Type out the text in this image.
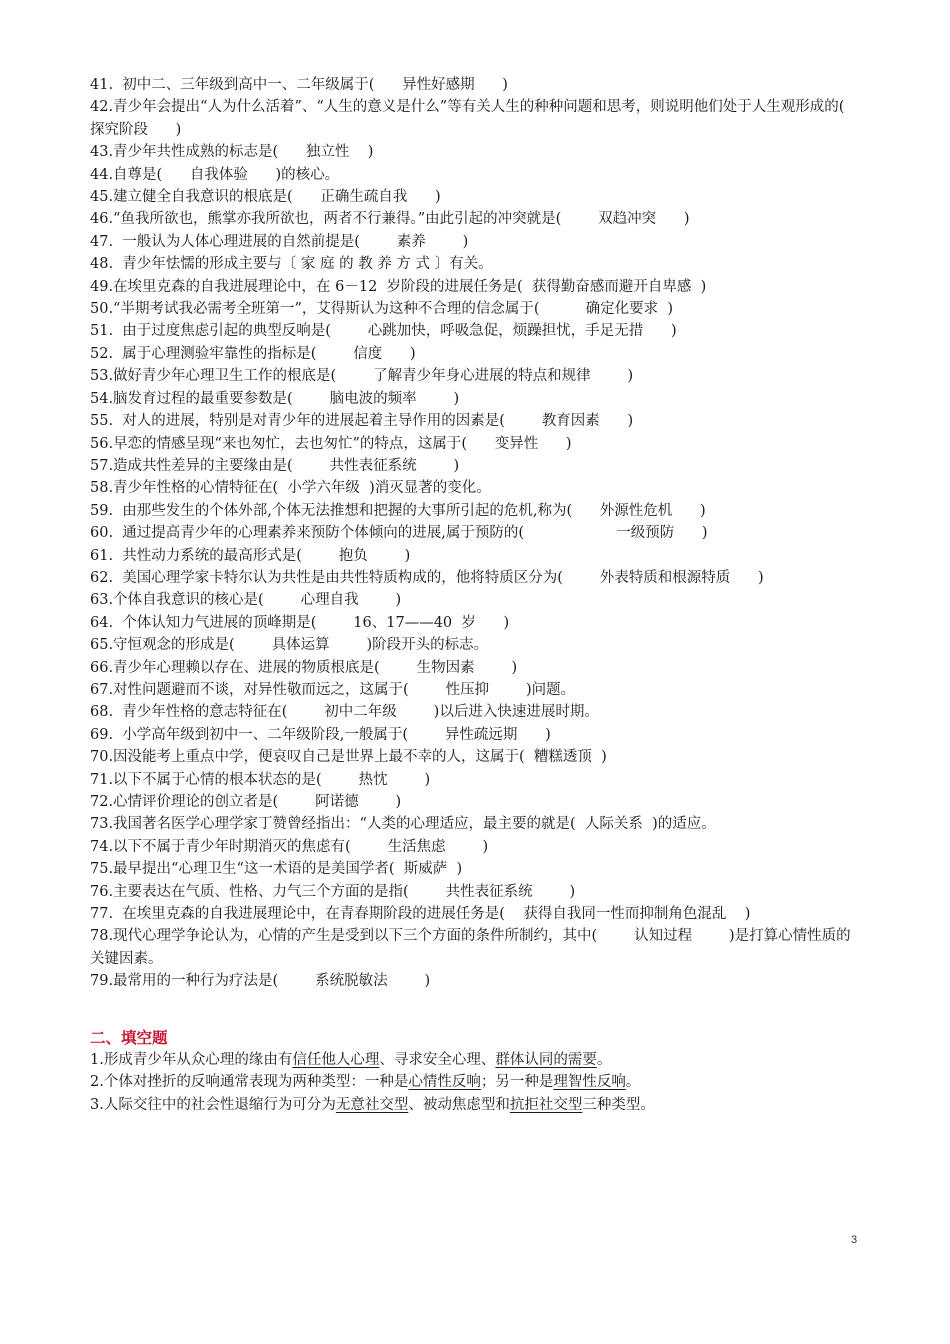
41.  初中二、三年级到高中一、二年级属于(      异性好感期      )
42.青少年会提出“人为什么活着”、“人生的意义是什么”等有关人生的种种问题和思考，则说明他们处于人生观形成的(      探究阶段      )
43.青少年共性成熟的标志是(      独立性    )
44.自尊是(      自我体验      )的核心。
45.建立健全自我意识的根底是(      正确生疏自我      )
46.“鱼我所欲也，熊掌亦我所欲也，两者不行兼得。”由此引起的冲突就是(        双趋冲突      )
47.  一般认为人体心理进展的自然前提是(        素养        )
48.  青少年怯懦的形成主要与〔 家 庭 的 教 养 方 式 〕有关。
49.在埃里克森的自我进展理论中，在 6－12  岁阶段的进展任务是(  获得勤奋感而避开自卑感  )
50.“半期考试我必需考全班第一”，艾得斯认为这种不合理的信念属于(          确定化要求  )
51.  由于过度焦虑引起的典型反响是(        心跳加快，呼吸急促，烦躁担忧，手足无措      )
52.  属于心理测验牢靠性的指标是(        信度      )
53.做好青少年心理卫生工作的根底是(        了解青少年身心进展的特点和规律        )
54.脑发育过程的最重要参数是(        脑电波的频率        )
55.  对人的进展，特别是对青少年的进展起着主导作用的因素是(        教育因素      )
56.早恋的情感呈现“来也匆忙，去也匆忙”的特点，这属于(      变异性      )
57.造成共性差异的主要缘由是(        共性表征系统        )
58.青少年性格的心情特征在(  小学六年级  )消灭显著的变化。
59.  由那些发生的个体外部,个体无法推想和把握的大事所引起的危机,称为(      外源性危机      )
60.  通过提高青少年的心理素养来预防个体倾向的进展,属于预防的(                    一级预防      )
61.  共性动力系统的最高形式是(        抱负        )
62.  美国心理学家卡特尔认为共性是由共性特质构成的，他将特质区分为(        外表特质和根源特质      )
63.个体自我意识的核心是(        心理自我        )
64.  个体认知力气进展的顶峰期是(        16、17——40  岁      )
65.守恒观念的形成是(        具体运算        )阶段开头的标志。
66.青少年心理赖以存在、进展的物质根底是(        生物因素        )
67.对性问题避而不谈，对异性敬而远之，这属于(        性压抑        )问题。
68.  青少年性格的意志特征在(        初中二年级        )以后进入快速进展时期。
69.  小学高年级到初中一、二年级阶段,一般属于(        异性疏远期      )
70.因没能考上重点中学，便哀叹自己是世界上最不幸的人，这属于(  糟糕透顶  )
71.以下不属于心情的根本状态的是(        热忱        )
72.心情评价理论的创立者是(        阿诺德        )
73.我国著名医学心理学家丁赞曾经指出：“人类的心理适应，最主要的就是(  人际关系  )的适应。
74.以下不属于青少年时期消灭的焦虑有(        生活焦虑        )
75.最早提出“心理卫生“这一术语的是美国学者(  斯威萨  )
76.主要表达在气质、性格、力气三个方面的是指(        共性表征系统        )
77.  在埃里克森的自我进展理论中，在青春期阶段的进展任务是(    获得自我同一性而抑制角色混乱    )
78.现代心理学争论认为，心情的产生是受到以下三个方面的条件所制约，其中(        认知过程        )是打算心情性质的关键因素。
79.最常用的一种行为疗法是(        系统脱敏法        )
二、填空题
1.形成青少年从众心理的缘由有信任他人心理、寻求安全心理、群体认同的需要。
2.个体对挫折的反响通常表现为两种类型：一种是心情性反响；另一种是理智性反响。
3.人际交往中的社会性退缩行为可分为无意社交型、被动焦虑型和抗拒社交型三种类型。
3
